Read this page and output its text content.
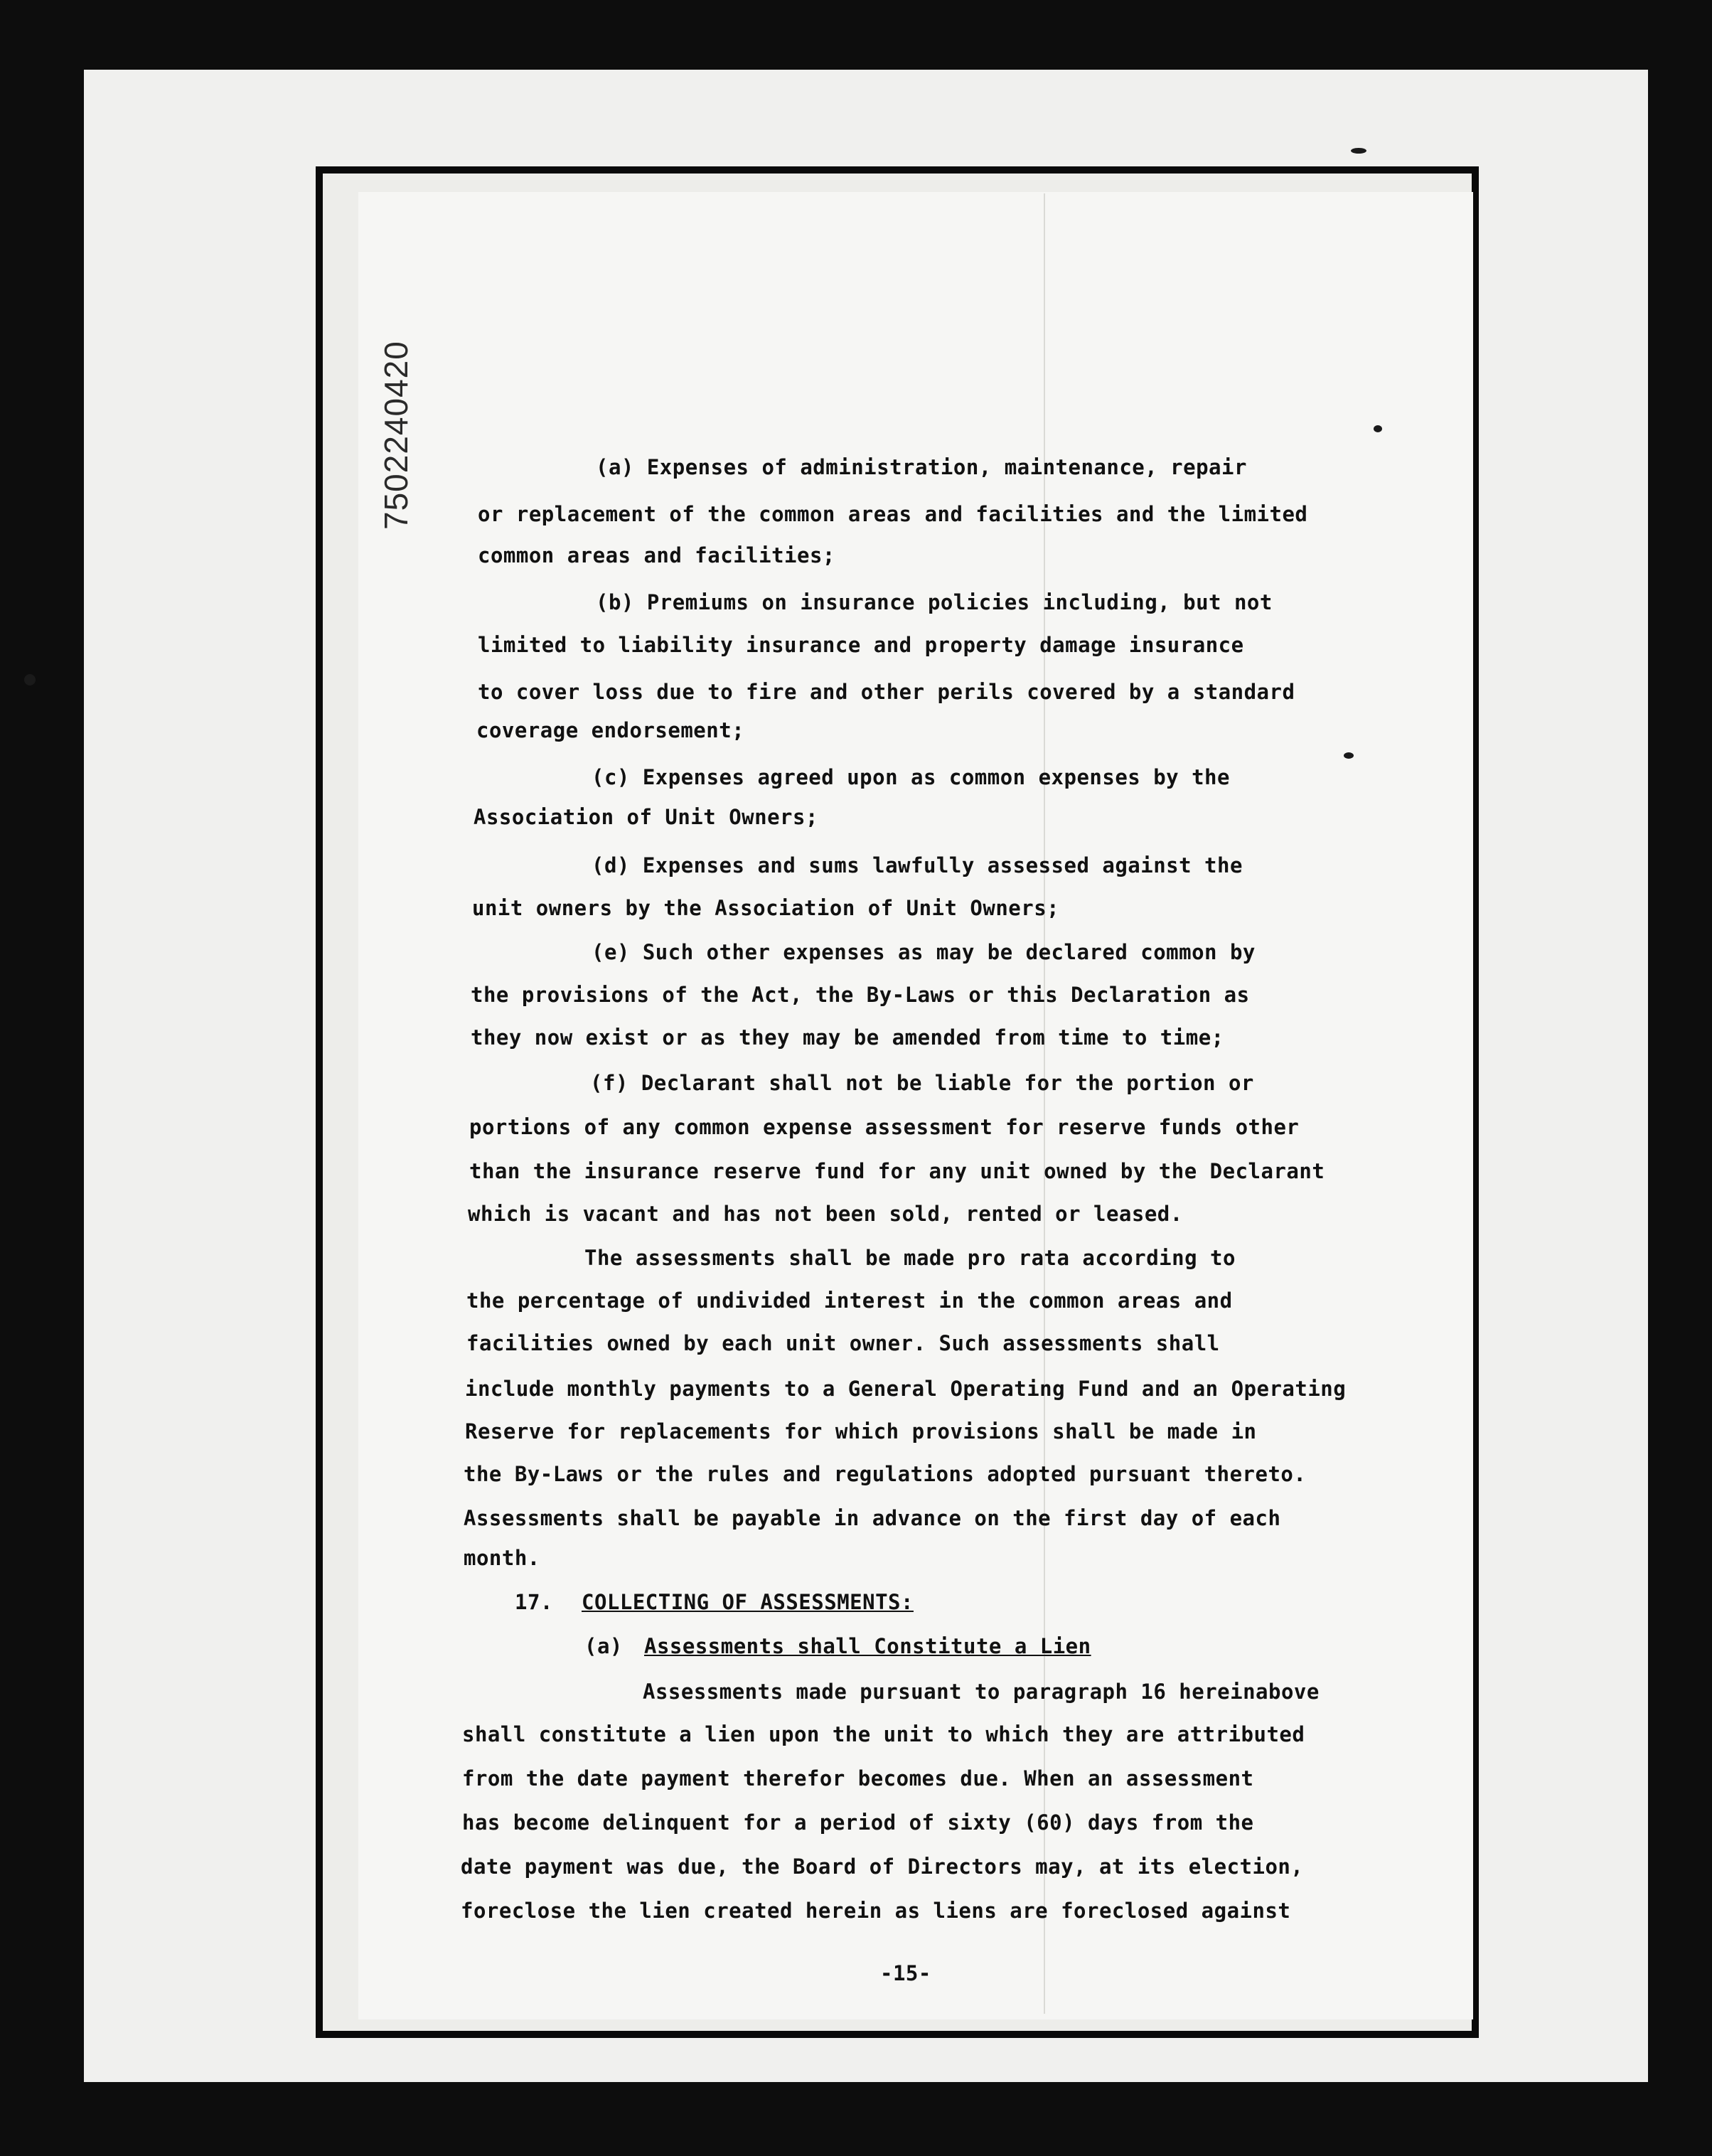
7502240420	(a) Expenses of administration, maintenance, repair
or replacement of the common areas and facilities and the limited
common areas and facilities;
(b) Premiums on insurance policies including, but not
limited to liability insurance and property damage insurance
to cover loss due to fire and other perils covered by a standard
coverage endorsement;
(c) Expenses agreed upon as common expenses by the
Association of Unit Owners;
(d) Expenses and sums lawfully assessed against the
unit owners by the Association of Unit Owners;
(e) Such other expenses as may be declared common by
the provisions of the Act, the By-Laws or this Declaration as
they now exist or as they may be amended from time to time;
(f) Declarant shall not be liable for the portion or
portions of any common expense assessment for reserve funds other
than the insurance reserve fund for any unit owned by the Declarant
which is vacant and has not been sold, rented or leased.
The assessments shall be made pro rata according to
the percentage of undivided interest in the common areas and
facilities owned by each unit owner. Such assessments shall
include monthly payments to a General Operating Fund and an Operating
Reserve for replacements for which provisions shall be made in
the By-Laws or the rules and regulations adopted pursuant thereto.
Assessments shall be payable in advance on the first day of each
month.
17. COLLECTING OF ASSESSMENTS:
(a) Assessments shall Constitute a Lien
Assessments made pursuant to paragraph 16 hereinabove
shall constitute a lien upon the unit to which they are attributed
from the date payment therefor becomes due. When an assessment
has become delinquent for a period of sixty (60) days from the
date payment was due, the Board of Directors may, at its election,
foreclose the lien created herein as liens are foreclosed against
-15-
